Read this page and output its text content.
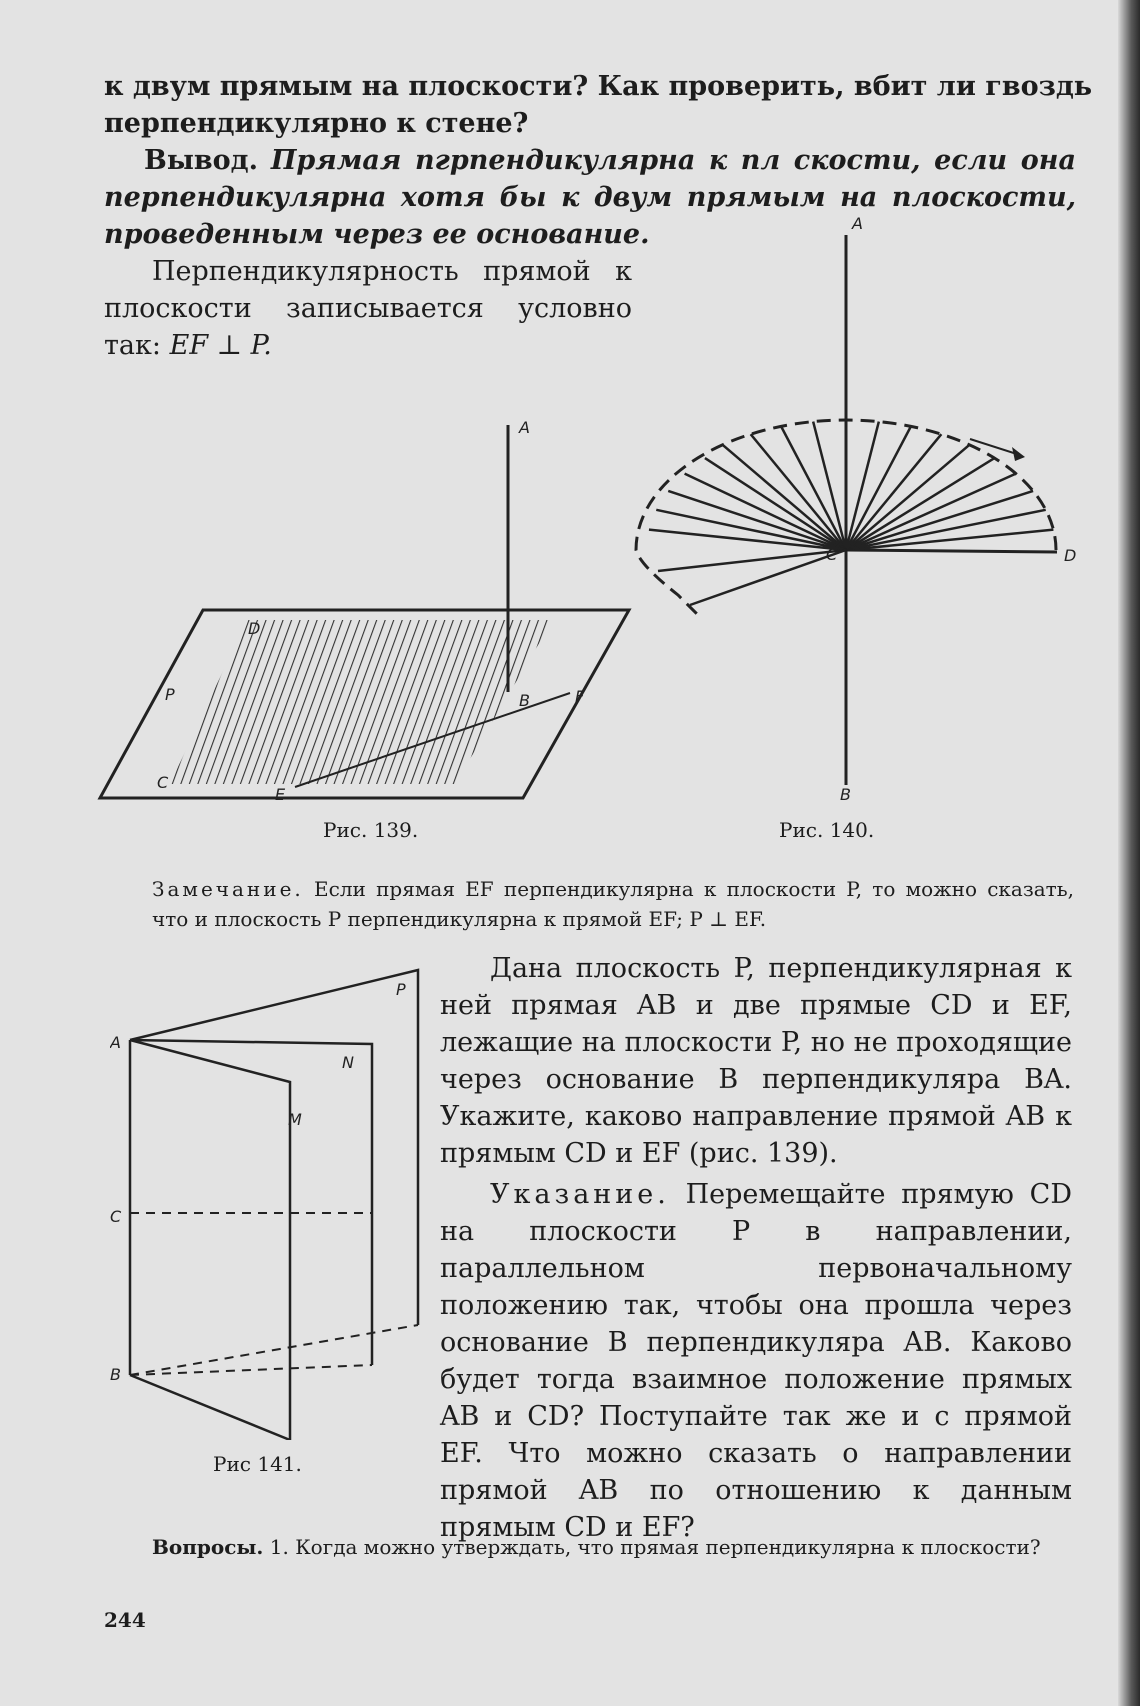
к двум прямым на плоскости? Как проверить, вбит ли гвоздь
перпендикулярно к стене?
Вывод. Прямая пгрпендикулярна к пл скости, если она перпендикулярна хотя бы к двум прямым на плоскости, проведенным через ее основание.
Перпендикулярность прямой к плоскости записывается условно так: EF ⊥ P.
A
B
D
C
E
F
P
Рис. 139.
A
B
C	D
Рис. 140.
Замечание. Если прямая EF перпендикулярна к плоскости P, то можно сказать, что и плоскость P перпендикулярна к прямой EF; P ⊥ EF.
A
C
B
M
N
P
Рис 141.
Дана плоскость P, перпендикулярная к ней прямая AB и две прямые CD и EF, лежащие на плоскости P, но не проходящие через основание B перпендикуляра BA. Укажите, каково направление прямой AB к прямым CD и EF (рис. 139).
Указание. Перемещайте прямую CD на плоскости P в направлении, параллельном первоначальному положению так, чтобы она прошла через основание B перпендикуляра AB. Каково будет тогда взаимное положение прямых AB и CD? Поступайте так же и с прямой EF. Что можно сказать о направлении прямой AB по отношению к данным прямым CD и EF?
Вопросы. 1. Когда можно утверждать, что прямая перпендикулярна к плоскости?
244
